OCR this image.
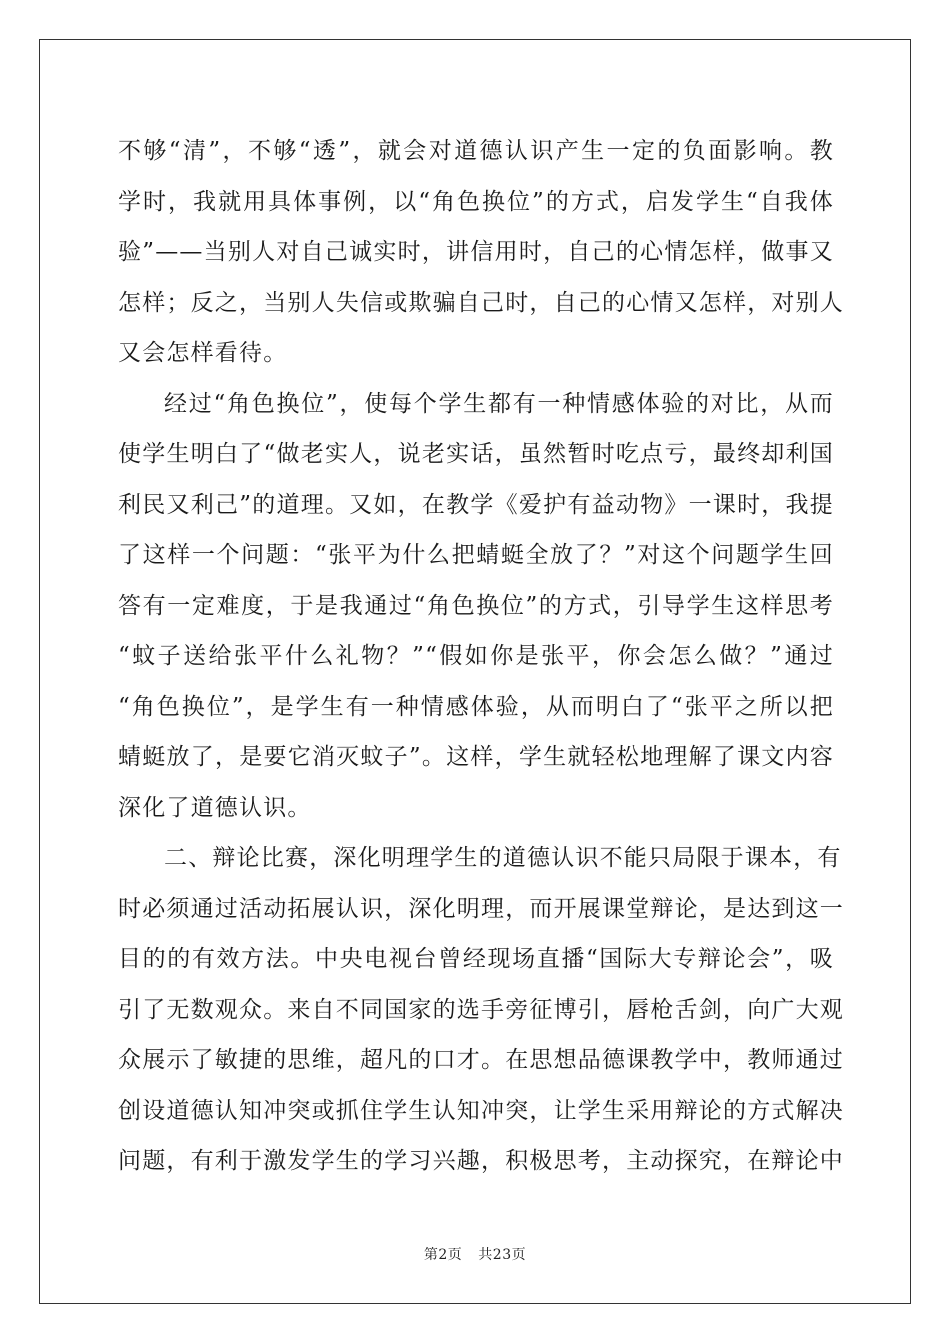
不够“清”，不够“透”，就会对道德认识产生一定的负面影响。教
学时，我就用具体事例，以“角色换位”的方式，启发学生“自我体
验”——当别人对自己诚实时，讲信用时，自己的心情怎样，做事又
怎样；反之，当别人失信或欺骗自己时，自己的心情又怎样，对别人
又会怎样看待。
经过“角色换位”，使每个学生都有一种情感体验的对比，从而
使学生明白了“做老实人，说老实话，虽然暂时吃点亏，最终却利国
利民又利己”的道理。又如，在教学《爱护有益动物》一课时，我提
了这样一个问题：“张平为什么把蜻蜓全放了？”对这个问题学生回
答有一定难度，于是我通过“角色换位”的方式，引导学生这样思考
“蚊子送给张平什么礼物？”“假如你是张平，你会怎么做？”通过
“角色换位”，是学生有一种情感体验，从而明白了“张平之所以把
蜻蜓放了，是要它消灭蚊子”。这样，学生就轻松地理解了课文内容
深化了道德认识。
二、辩论比赛，深化明理学生的道德认识不能只局限于课本，有
时必须通过活动拓展认识，深化明理，而开展课堂辩论，是达到这一
目的的有效方法。中央电视台曾经现场直播“国际大专辩论会”，吸
引了无数观众。来自不同国家的选手旁征博引，唇枪舌剑，向广大观
众展示了敏捷的思维，超凡的口才。在思想品德课教学中，教师通过
创设道德认知冲突或抓住学生认知冲突，让学生采用辩论的方式解决
问题，有利于激发学生的学习兴趣，积极思考，主动探究，在辩论中
第2页 共23页
